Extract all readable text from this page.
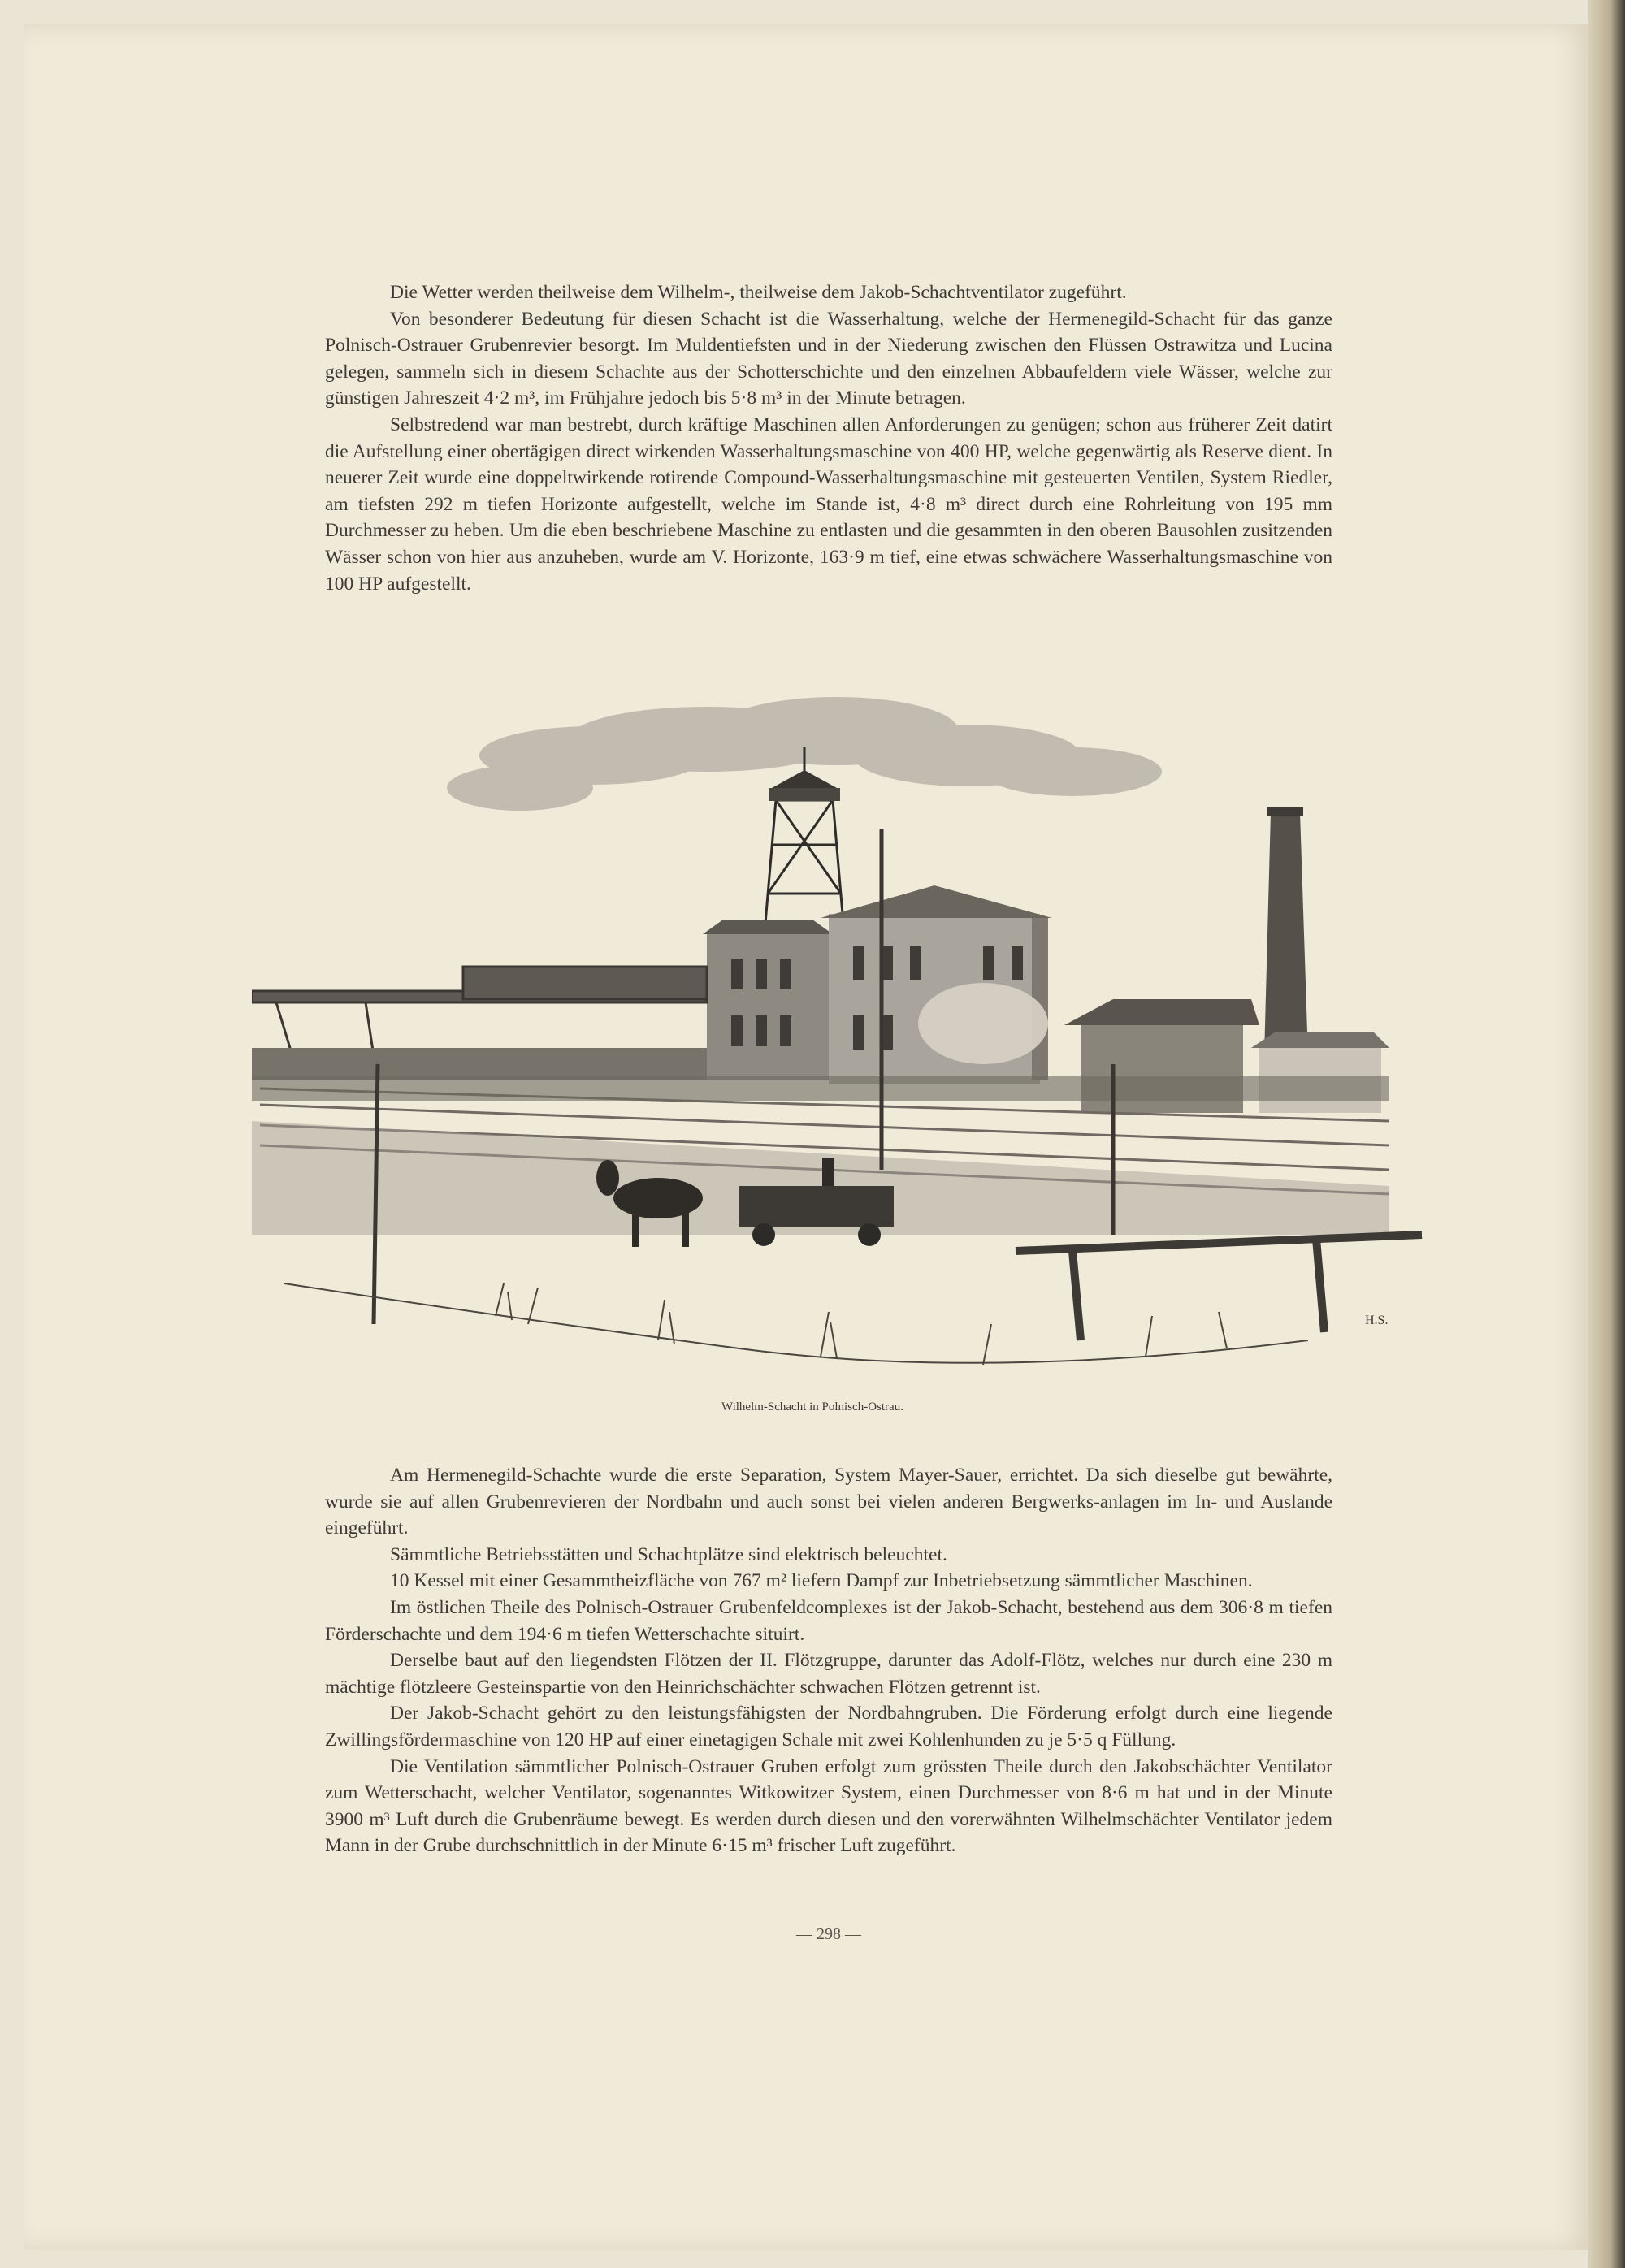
Die Wetter werden theilweise dem Wilhelm-, theilweise dem Jakob-Schachtventilator zugeführt.

Von besonderer Bedeutung für diesen Schacht ist die Wasserhaltung, welche der Hermenegild-Schacht für das ganze Polnisch-Ostrauer Grubenrevier besorgt. Im Muldentiefsten und in der Niederung zwischen den Flüssen Ostrawitza und Lucina gelegen, sammeln sich in diesem Schachte aus der Schotterschichte und den einzelnen Abbaufeldern viele Wässer, welche zur günstigen Jahreszeit 4·2 m³, im Frühjahre jedoch bis 5·8 m³ in der Minute betragen.

Selbstredend war man bestrebt, durch kräftige Maschinen allen Anforderungen zu genügen; schon aus früherer Zeit datirt die Aufstellung einer obertägigen direct wirkenden Wasserhaltungsmaschine von 400 HP, welche gegenwärtig als Reserve dient. In neuerer Zeit wurde eine doppeltwirkende rotirende Compound-Wasserhaltungsmaschine mit gesteuerten Ventilen, System Riedler, am tiefsten 292 m tiefen Horizonte aufgestellt, welche im Stande ist, 4·8 m³ direct durch eine Rohrleitung von 195 mm Durchmesser zu heben. Um die eben beschriebene Maschine zu entlasten und die gesammten in den oberen Bausohlen zusitzenden Wässer schon von hier aus anzuheben, wurde am V. Horizonte, 163·9 m tief, eine etwas schwächere Wasserhaltungsmaschine von 100 HP aufgestellt.

H.S.
Wilhelm-Schacht in Polnisch-Ostrau.

Am Hermenegild-Schachte wurde die erste Separation, System Mayer-Sauer, errichtet. Da sich dieselbe gut bewährte, wurde sie auf allen Grubenrevieren der Nordbahn und auch sonst bei vielen anderen Bergwerks-anlagen im In- und Auslande eingeführt.

Sämmtliche Betriebsstätten und Schachtplätze sind elektrisch beleuchtet.

10 Kessel mit einer Gesammtheizfläche von 767 m² liefern Dampf zur Inbetriebsetzung sämmtlicher Maschinen.

Im östlichen Theile des Polnisch-Ostrauer Grubenfeldcomplexes ist der Jakob-Schacht, bestehend aus dem 306·8 m tiefen Förderschachte und dem 194·6 m tiefen Wetterschachte situirt.

Derselbe baut auf den liegendsten Flötzen der II. Flötzgruppe, darunter das Adolf-Flötz, welches nur durch eine 230 m mächtige flötzleere Gesteinspartie von den Heinrichschächter schwachen Flötzen getrennt ist.

Der Jakob-Schacht gehört zu den leistungsfähigsten der Nordbahngruben. Die Förderung erfolgt durch eine liegende Zwillingsfördermaschine von 120 HP auf einer einetagigen Schale mit zwei Kohlenhunden zu je 5·5 q Füllung.

Die Ventilation sämmtlicher Polnisch-Ostrauer Gruben erfolgt zum grössten Theile durch den Jakobschächter Ventilator zum Wetterschacht, welcher Ventilator, sogenanntes Witkowitzer System, einen Durchmesser von 8·6 m hat und in der Minute 3900 m³ Luft durch die Grubenräume bewegt. Es werden durch diesen und den vorerwähnten Wilhelmschächter Ventilator jedem Mann in der Grube durchschnittlich in der Minute 6·15 m³ frischer Luft zugeführt.

— 298 —
